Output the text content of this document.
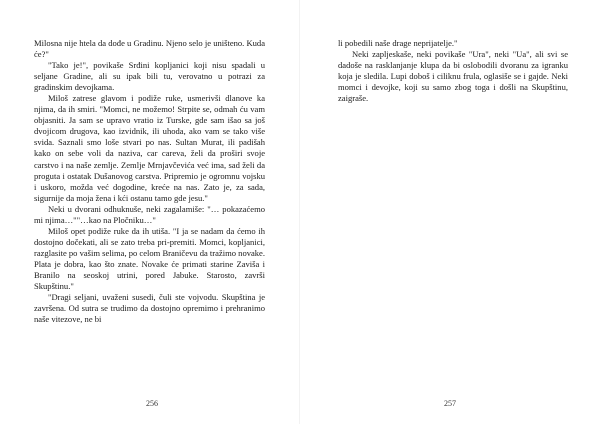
Milosna nije htela da dođe u Gradinu. Njeno selo je uništeno. Kuda će?"

"Tako je!", povikaše Srđini kopljanici koji nisu spadali u seljane Gradine, ali su ipak bili tu, verovatno u potrazi za gradinskim devojkama.

Miloš zatrese glavom i podiže ruke, usmerivši dlanove ka njima, da ih smiri. "Momci, ne možemo! Strpite se, odmah ću vam objasniti. Ja sam se upravo vratio iz Turske, gde sam išao sa još dvojicom drugova, kao izvidnik, ili uhoda, ako vam se tako više svida. Saznali smo loše stvari po nas. Sultan Murat, ili padišah kako on sebe voli da naziva, car careva, želi da proširi svoje carstvo i na naše zemlje. Zemlje Mrnjavčevića već ima, sad želi da proguta i ostatak Dušanovog carstva. Pripremio je ogromnu vojsku i uskoro, možda već dogodine, kreće na nas. Zato je, za sada, sigurnije da moja žena i kći ostanu tamo gde jesu."

Neki u dvorani odhuknuše, neki zagalamiše: "… pokazaćemo mi njima…""…kao na Pločniku…"

Miloš opet podiže ruke da ih utiša. "I ja se nadam da ćemo ih dostojno dočekati, ali se zato treba pri-premiti. Momci, kopljanici, razglasite po vašim selima, po celom Braničevu da tražimo novake. Plata je dobra, kao što znate. Novake će primati starine Zaviša i Branilo na seoskoj utrini, pored Jabuke. Starosto, završi Skupštinu."

"Dragi seljani, uvaženi susedi, čuli ste vojvodu. Skupština je završena. Od sutra se trudimo da dostojno opremimo i prehranimo naše vitezove, ne bi

256

li pobedili naše drage neprijatelje."

Neki zapljeskaše, neki povikaše "Ura", neki "Ua", ali svi se dadoše na rasklanjanje klupa da bi oslobodili dvoranu za igranku koja je sledila. Lupi doboš i ciliknu frula, oglasiše se i gajde. Neki momci i devojke, koji su samo zbog toga i došli na Skupštinu, zaigraše.

257
